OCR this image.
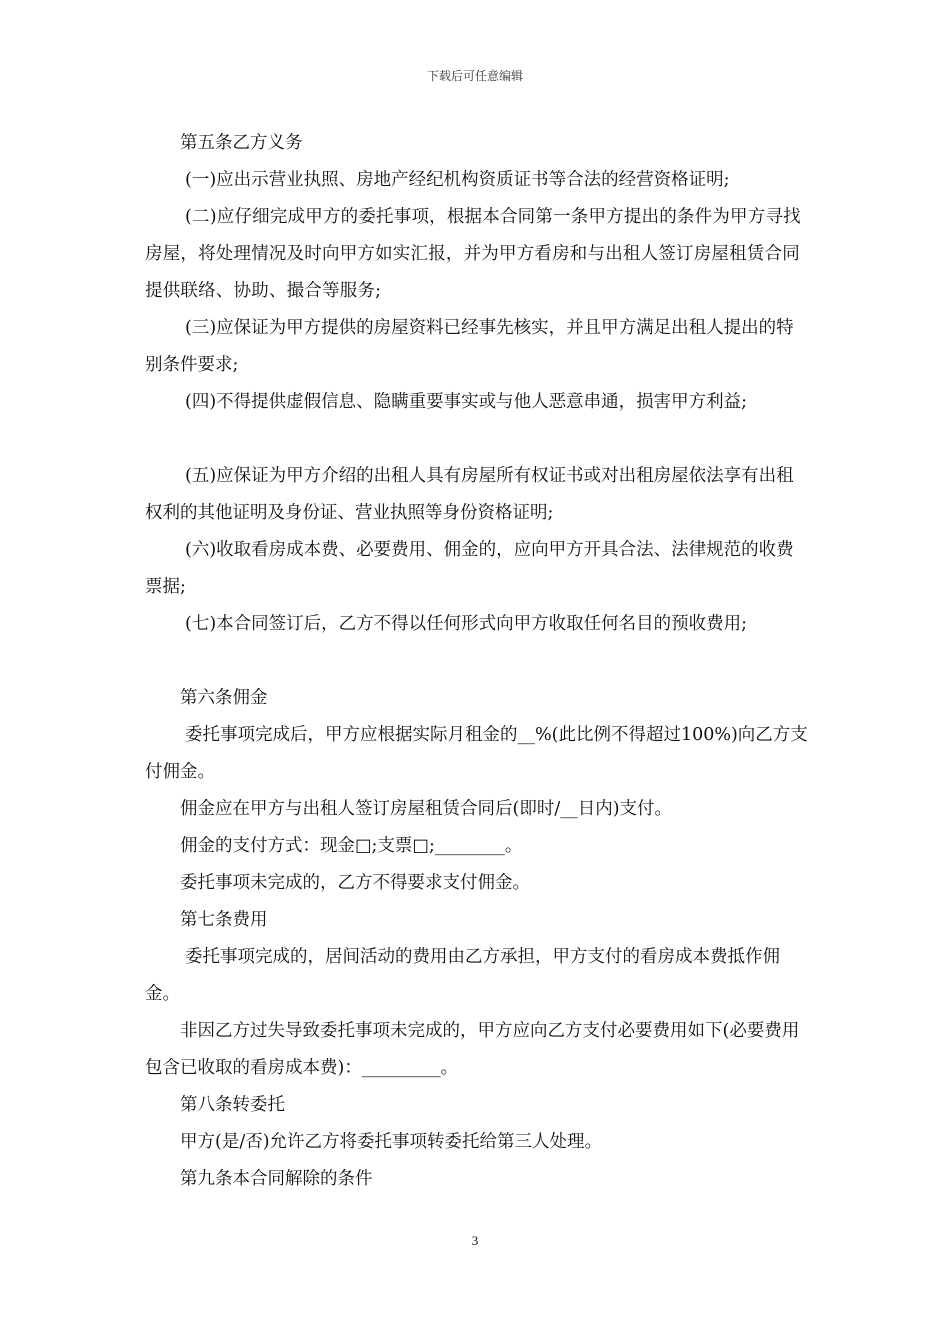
下载后可任意编辑

第五条乙方义务

(一)应出示营业执照、房地产经纪机构资质证书等合法的经营资格证明;

(二)应仔细完成甲方的委托事项，根据本合同第一条甲方提出的条件为甲方寻找房屋，将处理情况及时向甲方如实汇报，并为甲方看房和与出租人签订房屋租赁合同提供联络、协助、撮合等服务;

(三)应保证为甲方提供的房屋资料已经事先核实，并且甲方满足出租人提出的特别条件要求;

(四)不得提供虚假信息、隐瞒重要事实或与他人恶意串通，损害甲方利益;

(五)应保证为甲方介绍的出租人具有房屋所有权证书或对出租房屋依法享有出租权利的其他证明及身份证、营业执照等身份资格证明;

(六)收取看房成本费、必要费用、佣金的，应向甲方开具合法、法律规范的收费票据;

(七)本合同签订后，乙方不得以任何形式向甲方收取任何名目的预收费用;

第六条佣金

委托事项完成后，甲方应根据实际月租金的__%(此比例不得超过100%)向乙方支付佣金。

佣金应在甲方与出租人签订房屋租赁合同后(即时/__日内)支付。

佣金的支付方式：现金□;支票□;________。

委托事项未完成的，乙方不得要求支付佣金。

第七条费用

委托事项完成的，居间活动的费用由乙方承担，甲方支付的看房成本费抵作佣金。

非因乙方过失导致委托事项未完成的，甲方应向乙方支付必要费用如下(必要费用包含已收取的看房成本费)：_________。

第八条转委托

甲方(是/否)允许乙方将委托事项转委托给第三人处理。

第九条本合同解除的条件

3
